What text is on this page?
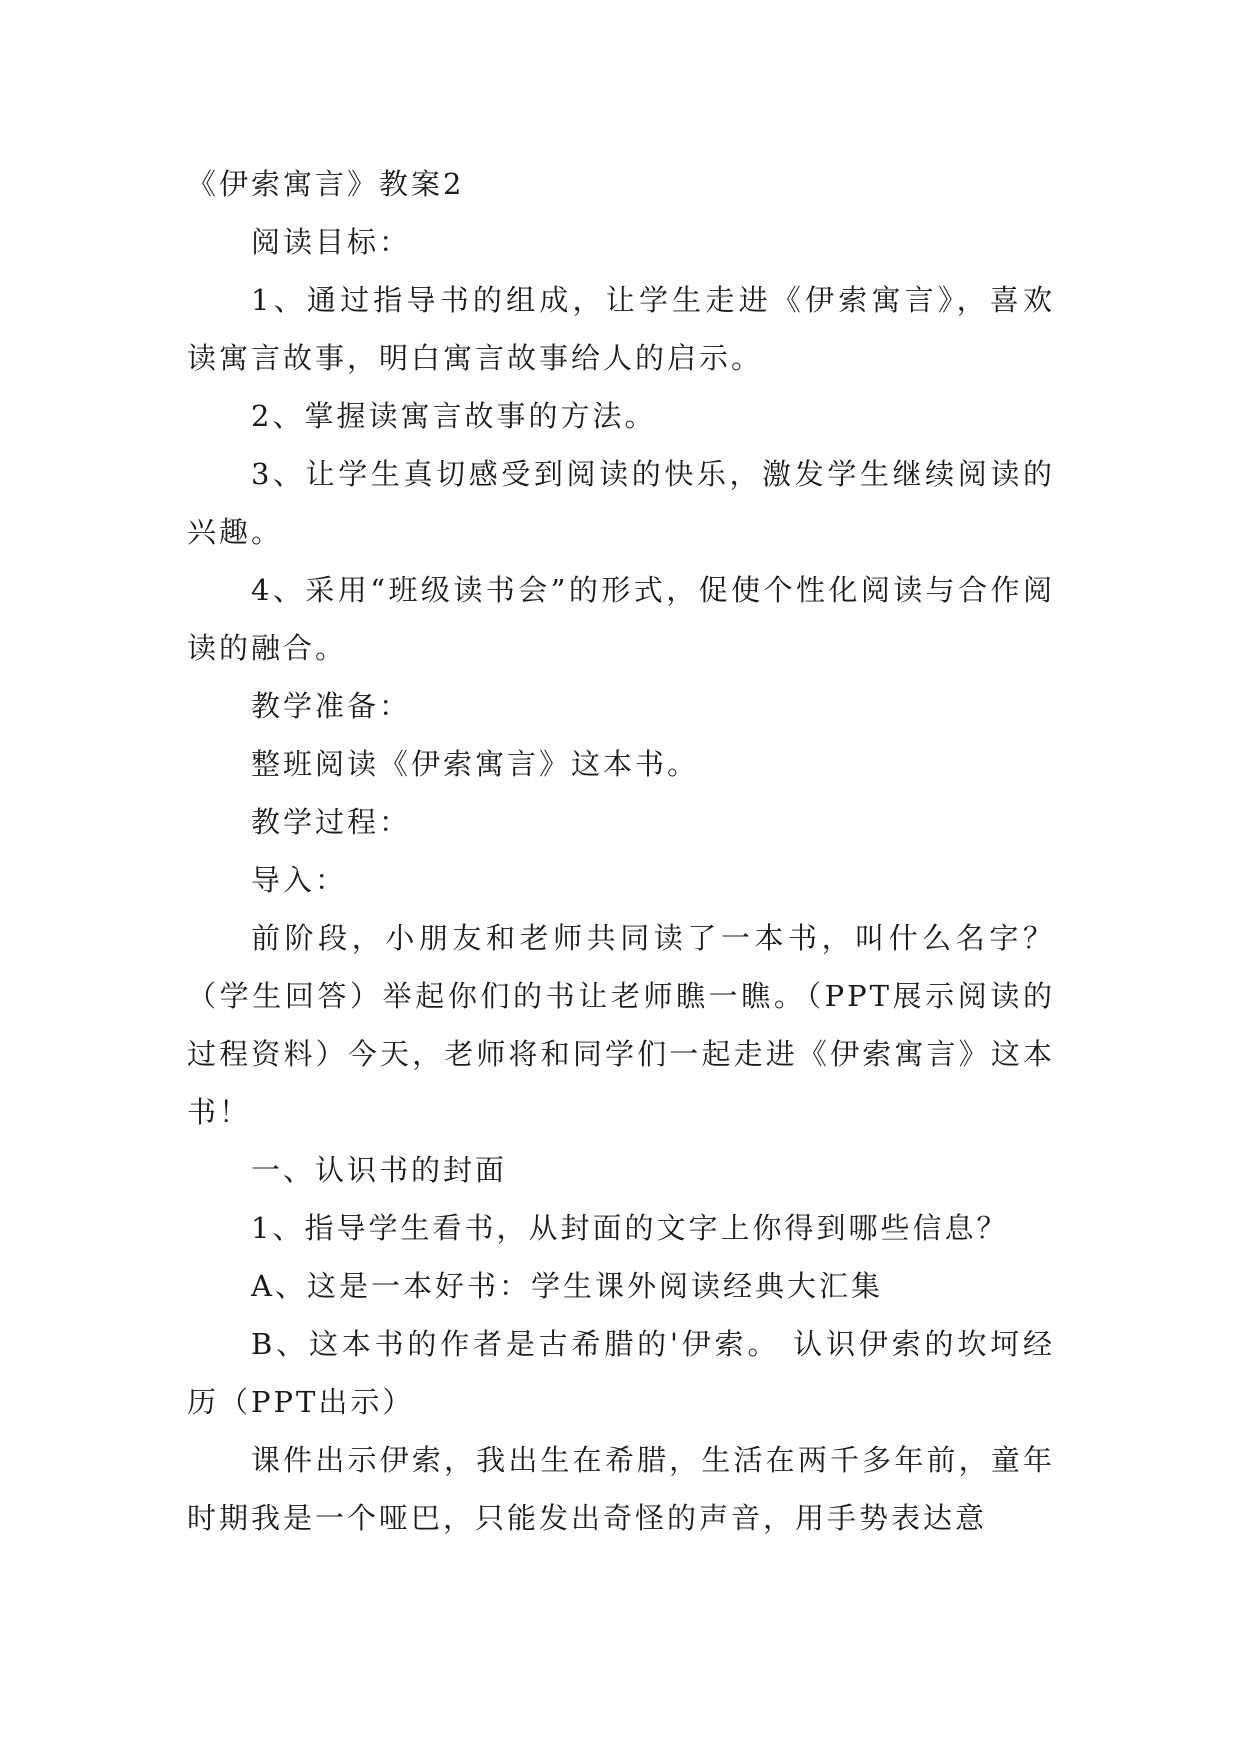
《伊索寓言》教案2

阅读目标：

1、通过指导书的组成，让学生走进《伊索寓言》，喜欢读寓言故事，明白寓言故事给人的启示。

2、掌握读寓言故事的方法。

3、让学生真切感受到阅读的快乐，激发学生继续阅读的兴趣。

4、采用“班级读书会”的形式，促使个性化阅读与合作阅读的融合。

教学准备：

整班阅读《伊索寓言》这本书。

教学过程：

导入：

前阶段，小朋友和老师共同读了一本书，叫什么名字？（学生回答）举起你们的书让老师瞧一瞧。（PPT展示阅读的过程资料）今天，老师将和同学们一起走进《伊索寓言》这本书！

一、认识书的封面

1、指导学生看书，从封面的文字上你得到哪些信息？

A、这是一本好书：学生课外阅读经典大汇集

B、这本书的作者是古希腊的'伊索。 认识伊索的坎坷经历（PPT出示）

课件出示伊索，我出生在希腊，生活在两千多年前，童年时期我是一个哑巴，只能发出奇怪的声音，用手势表达意
